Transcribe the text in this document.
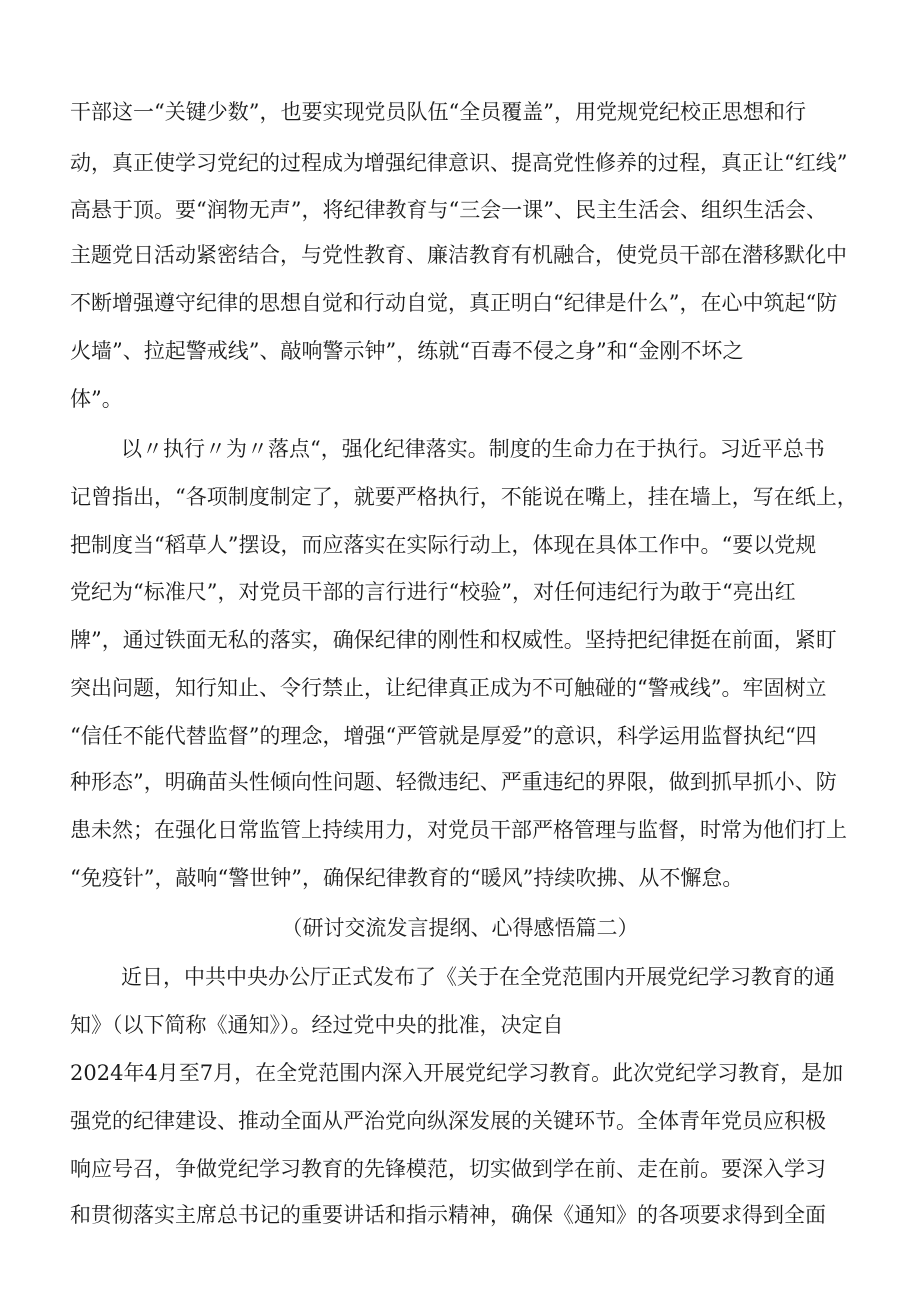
干部这一“关键少数”，也要实现党员队伍“全员覆盖”，用党规党纪校正思想和行
动，真正使学习党纪的过程成为增强纪律意识、提高党性修养的过程，真正让“红线”
高悬于顶。要“润物无声”，将纪律教育与“三会一课”、民主生活会、组织生活会、
主题党日活动紧密结合，与党性教育、廉洁教育有机融合，使党员干部在潜移默化中
不断增强遵守纪律的思想自觉和行动自觉，真正明白“纪律是什么”，在心中筑起“防
火墙”、拉起警戒线”、敲响警示钟”，练就“百毒不侵之身”和“金刚不坏之
体”。
以〃执行〃为〃落点“，强化纪律落实。制度的生命力在于执行。习近平总书
记曾指出，“各项制度制定了，就要严格执行，不能说在嘴上，挂在墙上，写在纸上，
把制度当“稻草人”摆设，而应落实在实际行动上，体现在具体工作中。“要以党规
党纪为“标准尺”，对党员干部的言行进行“校验”，对任何违纪行为敢于“亮出红
牌”，通过铁面无私的落实，确保纪律的刚性和权威性。坚持把纪律挺在前面，紧盯
突出问题，知行知止、令行禁止，让纪律真正成为不可触碰的“警戒线”。牢固树立
“信任不能代替监督”的理念，增强“严管就是厚爱”的意识，科学运用监督执纪“四
种形态”，明确苗头性倾向性问题、轻微违纪、严重违纪的界限，做到抓早抓小、防
患未然；在强化日常监管上持续用力，对党员干部严格管理与监督，时常为他们打上
“免疫针”，敲响“警世钟”，确保纪律教育的“暖风”持续吹拂、从不懈怠。
（研讨交流发言提纲、心得感悟篇二）
近日，中共中央办公厅正式发布了《关于在全党范围内开展党纪学习教育的通
知》（以下简称《通知》）。经过党中央的批准，决定自
2024年4月至7月，在全党范围内深入开展党纪学习教育。此次党纪学习教育，是加
强党的纪律建设、推动全面从严治党向纵深发展的关键环节。全体青年党员应积极
响应号召，争做党纪学习教育的先锋模范，切实做到学在前、走在前。要深入学习
和贯彻落实主席总书记的重要讲话和指示精神，确保《通知》的各项要求得到全面
